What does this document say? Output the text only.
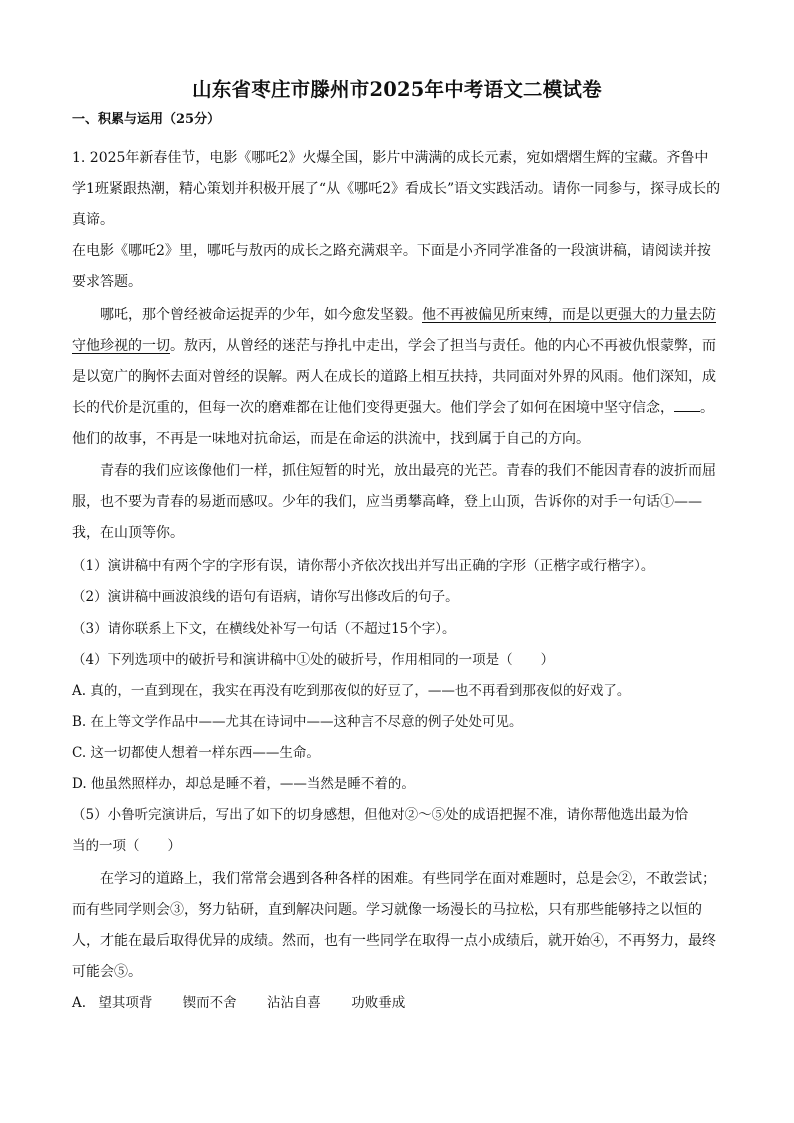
山东省枣庄市滕州市2025年中考语文二模试卷
一、积累与运用（25分）
1. 2025年新春佳节，电影《哪吒2》火爆全国，影片中满满的成长元素，宛如熠熠生辉的宝藏。齐鲁中学1班紧跟热潮，精心策划并积极开展了“从《哪吒2》看成长”语文实践活动。请你一同参与，探寻成长的真谛。
在电影《哪吒2》里，哪吒与敖丙的成长之路充满艰辛。下面是小齐同学准备的一段演讲稿，请阅读并按要求答题。
哪吒，那个曾经被命运捉弄的少年，如今愈发坚毅。他不再被偏见所束缚，而是以更强大的力量去防守他珍视的一切。敖丙，从曾经的迷茫与挣扎中走出，学会了担当与责任。他的内心不再被仇恨蒙弊，而是以宽广的胸怀去面对曾经的误解。两人在成长的道路上相互扶持，共同面对外界的风雨。他们深知，成长的代价是沉重的，但每一次的磨难都在让他们变得更强大。他们学会了如何在困境中坚守信念， 。他们的故事，不再是一味地对抗命运，而是在命运的洪流中，找到属于自己的方向。
青春的我们应该像他们一样，抓住短暂的时光，放出最亮的光芒。青春的我们不能因青春的波折而屈服，也不要为青春的易逝而感叹。少年的我们，应当勇攀高峰，登上山顶，告诉你的对手一句话①——我，在山顶等你。
（1）演讲稿中有两个字的字形有误，请你帮小齐依次找出并写出正确的字形（正楷字或行楷字）。
（2）演讲稿中画波浪线的语句有语病，请你写出修改后的句子。
（3）请你联系上下文，在横线处补写一句话（不超过15个字）。
（4）下列选项中的破折号和演讲稿中①处的破折号，作用相同的一项是（ ）
A. 真的，一直到现在，我实在再没有吃到那夜似的好豆了，——也不再看到那夜似的好戏了。
B. 在上等文学作品中——尤其在诗词中——这种言不尽意的例子处处可见。
C. 这一切都使人想着一样东西——生命。
D. 他虽然照样办，却总是睡不着，——当然是睡不着的。
（5）小鲁听完演讲后，写出了如下的切身感想，但他对②～⑤处的成语把握不准，请你帮他选出最为恰
当的一项（ ）
在学习的道路上，我们常常会遇到各种各样的困难。有些同学在面对难题时，总是会②，不敢尝试；而有些同学则会③，努力钻研，直到解决问题。学习就像一场漫长的马拉松，只有那些能够持之以恒的人，才能在最后取得优异的成绩。然而，也有一些同学在取得一点小成绩后，就开始④，不再努力，最终可能会⑤。
A. 望其项背 锲而不舍 沾沾自喜 功败垂成
